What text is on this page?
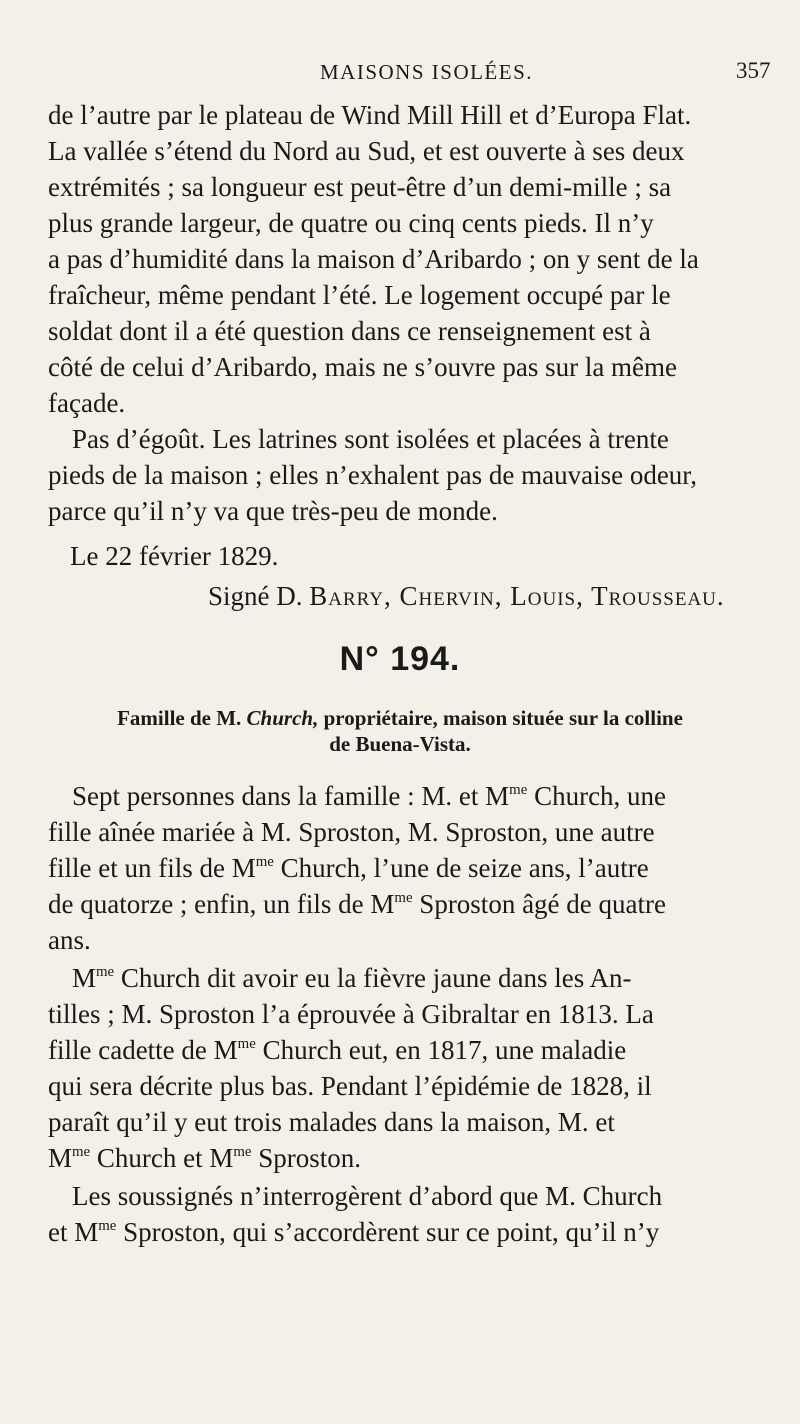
MAISONS ISOLÉES.	357
de l’autre par le plateau de Wind Mill Hill et d’Europa Flat.
La vallée s’étend du Nord au Sud, et est ouverte à ses deux
extrémités ; sa longueur est peut-être d’un demi-mille ; sa
plus grande largeur, de quatre ou cinq cents pieds. Il n’y
a pas d’humidité dans la maison d’Aribardo ; on y sent de la
fraîcheur, même pendant l’été. Le logement occupé par le
soldat dont il a été question dans ce renseignement est à
côté de celui d’Aribardo, mais ne s’ouvre pas sur la même
façade.
Pas d’égoût. Les latrines sont isolées et placées à trente
pieds de la maison ; elles n’exhalent pas de mauvaise odeur,
parce qu’il n’y va que très-peu de monde.
Le 22 février 1829.
Signé D. Barry, Chervin, Louis, Trousseau.
N° 194.
Famille de M. Church, propriétaire, maison située sur la colline
de Buena-Vista.
Sept personnes dans la famille : M. et $M^{me}$ Church, une
fille aînée mariée à M. Sproston, M. Sproston, une autre
fille et un fils de $M^{me}$ Church, l’une de seize ans, l’autre
de quatorze ; enfin, un fils de $M^{me}$ Sproston âgé de quatre
ans.
$M^{me}$ Church dit avoir eu la fièvre jaune dans les An-
tilles ; M. Sproston l’a éprouvée à Gibraltar en 1813. La
fille cadette de $M^{me}$ Church eut, en 1817, une maladie
qui sera décrite plus bas. Pendant l’épidémie de 1828, il
paraît qu’il y eut trois malades dans la maison, M. et
$M^{me}$ Church et $M^{me}$ Sproston.
Les soussignés n’interrogèrent d’abord que M. Church
et $M^{me}$ Sproston, qui s’accordèrent sur ce point, qu’il n’y
